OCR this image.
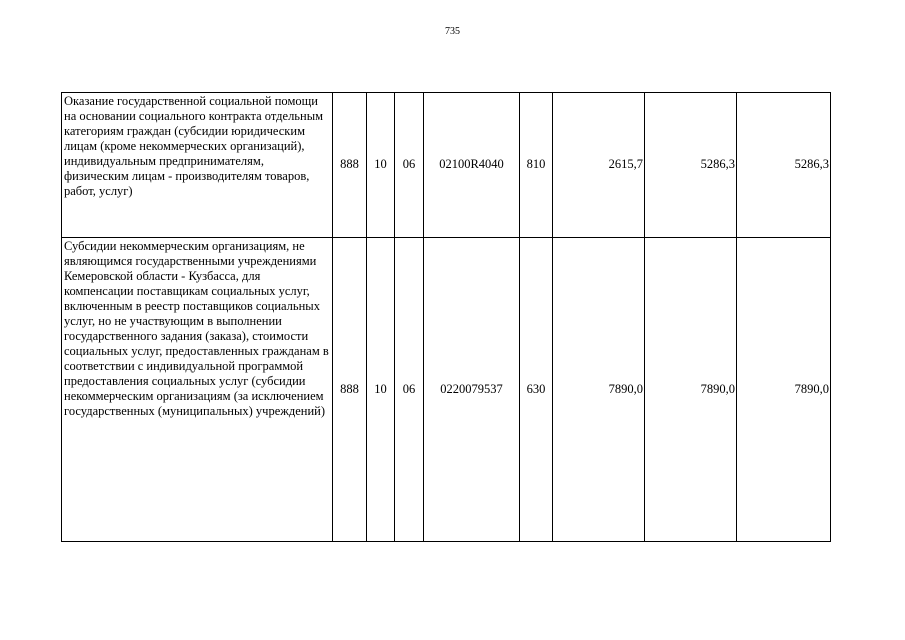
735
Оказание государственной социальной помощи на основании социального контракта отдельным категориям граждан (субсидии юридическим лицам (кроме некоммерческих организаций), индивидуальным предпринимателям, физическим лицам - производителям товаров, работ, услуг)	888	10	06	02100R4040	810	2615,7	5286,3	5286,3
Субсидии некоммерческим организациям, не являющимся государственными учреждениями Кемеровской области - Кузбасса, для компенсации поставщикам социальных услуг, включенным в реестр поставщиков социальных услуг, но не участвующим в выполнении государственного задания (заказа), стоимости социальных услуг, предоставленных гражданам в соответствии с индивидуальной программой предоставления социальных услуг (субсидии некоммерческим организациям (за исключением государственных (муниципальных) учреждений)	888	10	06	0220079537	630	7890,0	7890,0	7890,0
